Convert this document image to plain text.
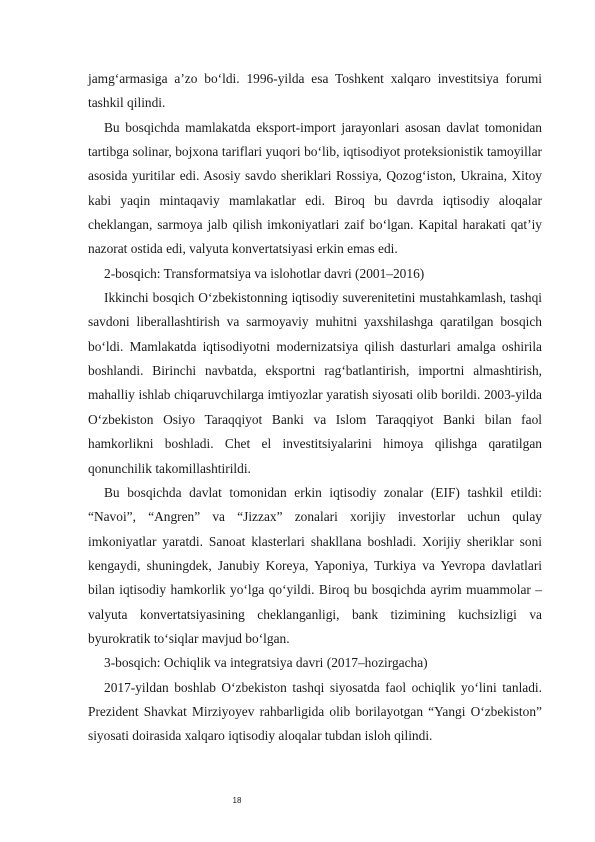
jamg‘armasiga a’zo bo‘ldi. 1996-yilda esa Toshkent xalqaro investitsiya forumi tashkil qilindi.

Bu bosqichda mamlakatda eksport-import jarayonlari asosan davlat tomonidan tartibga solinar, bojxona tariflari yuqori bo‘lib, iqtisodiyot proteksionistik tamoyillar asosida yuritilar edi. Asosiy savdo sheriklari Rossiya, Qozog‘iston, Ukraina, Xitoy kabi yaqin mintaqaviy mamlakatlar edi. Biroq bu davrda iqtisodiy aloqalar cheklangan, sarmoya jalb qilish imkoniyatlari zaif bo‘lgan. Kapital harakati qat’iy nazorat ostida edi, valyuta konvertatsiyasi erkin emas edi.

2-bosqich: Transformatsiya va islohotlar davri (2001–2016)

Ikkinchi bosqich O‘zbekistonning iqtisodiy suverenitetini mustahkamlash, tashqi savdoni liberallashtirish va sarmoyaviy muhitni yaxshilashga qaratilgan bosqich bo‘ldi. Mamlakatda iqtisodiyotni modernizatsiya qilish dasturlari amalga oshirila boshlandi. Birinchi navbatda, eksportni rag‘batlantirish, importni almashtirish, mahalliy ishlab chiqaruvchilarga imtiyozlar yaratish siyosati olib borildi. 2003-yilda O‘zbekiston Osiyo Taraqqiyot Banki va Islom Taraqqiyot Banki bilan faol hamkorlikni boshladi. Chet el investitsiyalarini himoya qilishga qaratilgan qonunchilik takomillashtirildi.

Bu bosqichda davlat tomonidan erkin iqtisodiy zonalar (EIF) tashkil etildi: “Navoi”, “Angren” va “Jizzax” zonalari xorijiy investorlar uchun qulay imkoniyatlar yaratdi. Sanoat klasterlari shakllana boshladi. Xorijiy sheriklar soni kengaydi, shuningdek, Janubiy Koreya, Yaponiya, Turkiya va Yevropa davlatlari bilan iqtisodiy hamkorlik yo‘lga qo‘yildi. Biroq bu bosqichda ayrim muammolar – valyuta konvertatsiyasining cheklanganligi, bank tizimining kuchsizligi va byurokratik to‘siqlar mavjud bo‘lgan.

3-bosqich: Ochiqlik va integratsiya davri (2017–hozirgacha)

2017-yildan boshlab O‘zbekiston tashqi siyosatda faol ochiqlik yo‘lini tanladi. Prezident Shavkat Mirziyoyev rahbarligida olib borilayotgan “Yangi O‘zbekiston” siyosati doirasida xalqaro iqtisodiy aloqalar tubdan isloh qilindi.

18
